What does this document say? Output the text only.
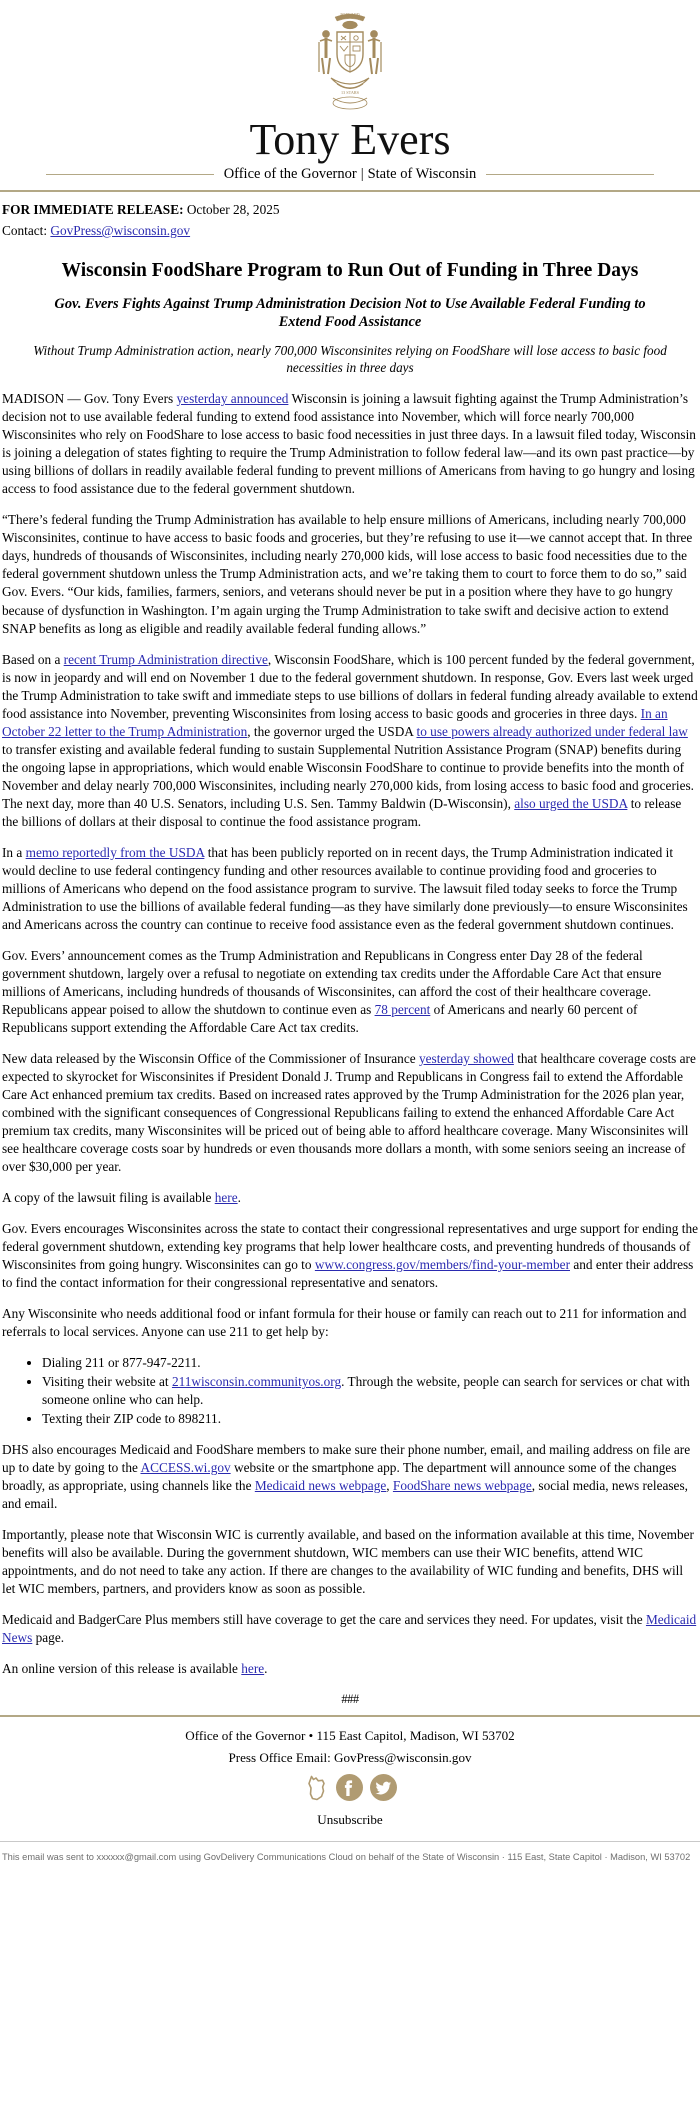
FORWARD
13 STARS
Tony Evers
Office of the Governor | State of Wisconsin

FOR IMMEDIATE RELEASE: October 28, 2025

Contact: GovPress@wisconsin.gov

Wisconsin FoodShare Program to Run Out of Funding in Three Days
Gov. Evers Fights Against Trump Administration Decision Not to Use Available Federal Funding to Extend Food Assistance

Without Trump Administration action, nearly 700,000 Wisconsinites relying on FoodShare will lose access to basic food necessities in three days

MADISON — Gov. Tony Evers yesterday announced Wisconsin is joining a lawsuit fighting against the Trump Administration’s decision not to use available federal funding to extend food assistance into November, which will force nearly 700,000 Wisconsinites who rely on FoodShare to lose access to basic food necessities in just three days. In a lawsuit filed today, Wisconsin is joining a delegation of states fighting to require the Trump Administration to follow federal law—and its own past practice—by using billions of dollars in readily available federal funding to prevent millions of Americans from having to go hungry and losing access to food assistance due to the federal government shutdown.

“There’s federal funding the Trump Administration has available to help ensure millions of Americans, including nearly 700,000 Wisconsinites, continue to have access to basic foods and groceries, but they’re refusing to use it—we cannot accept that. In three days, hundreds of thousands of Wisconsinites, including nearly 270,000 kids, will lose access to basic food necessities due to the federal government shutdown unless the Trump Administration acts, and we’re taking them to court to force them to do so,” said Gov. Evers. “Our kids, families, farmers, seniors, and veterans should never be put in a position where they have to go hungry because of dysfunction in Washington. I’m again urging the Trump Administration to take swift and decisive action to extend SNAP benefits as long as eligible and readily available federal funding allows.”

Based on a recent Trump Administration directive, Wisconsin FoodShare, which is 100 percent funded by the federal government, is now in jeopardy and will end on November 1 due to the federal government shutdown. In response, Gov. Evers last week urged the Trump Administration to take swift and immediate steps to use billions of dollars in federal funding already available to extend food assistance into November, preventing Wisconsinites from losing access to basic goods and groceries in three days. In an October 22 letter to the Trump Administration, the governor urged the USDA to use powers already authorized under federal law to transfer existing and available federal funding to sustain Supplemental Nutrition Assistance Program (SNAP) benefits during the ongoing lapse in appropriations, which would enable Wisconsin FoodShare to continue to provide benefits into the month of November and delay nearly 700,000 Wisconsinites, including nearly 270,000 kids, from losing access to basic food and groceries. The next day, more than 40 U.S. Senators, including U.S. Sen. Tammy Baldwin (D-Wisconsin), also urged the USDA to release the billions of dollars at their disposal to continue the food assistance program.

In a memo reportedly from the USDA that has been publicly reported on in recent days, the Trump Administration indicated it would decline to use federal contingency funding and other resources available to continue providing food and groceries to millions of Americans who depend on the food assistance program to survive. The lawsuit filed today seeks to force the Trump Administration to use the billions of available federal funding—as they have similarly done previously—to ensure Wisconsinites and Americans across the country can continue to receive food assistance even as the federal government shutdown continues.

Gov. Evers’ announcement comes as the Trump Administration and Republicans in Congress enter Day 28 of the federal government shutdown, largely over a refusal to negotiate on extending tax credits under the Affordable Care Act that ensure millions of Americans, including hundreds of thousands of Wisconsinites, can afford the cost of their healthcare coverage. Republicans appear poised to allow the shutdown to continue even as 78 percent of Americans and nearly 60 percent of Republicans support extending the Affordable Care Act tax credits.

New data released by the Wisconsin Office of the Commissioner of Insurance yesterday showed that healthcare coverage costs are expected to skyrocket for Wisconsinites if President Donald J. Trump and Republicans in Congress fail to extend the Affordable Care Act enhanced premium tax credits. Based on increased rates approved by the Trump Administration for the 2026 plan year, combined with the significant consequences of Congressional Republicans failing to extend the enhanced Affordable Care Act premium tax credits, many Wisconsinites will be priced out of being able to afford healthcare coverage. Many Wisconsinites will see healthcare coverage costs soar by hundreds or even thousands more dollars a month, with some seniors seeing an increase of over $30,000 per year.

A copy of the lawsuit filing is available here.

Gov. Evers encourages Wisconsinites across the state to contact their congressional representatives and urge support for ending the federal government shutdown, extending key programs that help lower healthcare costs, and preventing hundreds of thousands of Wisconsinites from going hungry. Wisconsinites can go to www.congress.gov/members/find-your-member and enter their address to find the contact information for their congressional representative and senators.

Any Wisconsinite who needs additional food or infant formula for their house or family can reach out to 211 for information and referrals to local services. Anyone can use 211 to get help by:

• Dialing 211 or 877-947-2211.
• Visiting their website at 211wisconsin.communityos.org. Through the website, people can search for services or chat with someone online who can help.
• Texting their ZIP code to 898211.

DHS also encourages Medicaid and FoodShare members to make sure their phone number, email, and mailing address on file are up to date by going to the ACCESS.wi.gov website or the smartphone app. The department will announce some of the changes broadly, as appropriate, using channels like the Medicaid news webpage, FoodShare news webpage, social media, news releases, and email.

Importantly, please note that Wisconsin WIC is currently available, and based on the information available at this time, November benefits will also be available. During the government shutdown, WIC members can use their WIC benefits, attend WIC appointments, and do not need to take any action. If there are changes to the availability of WIC funding and benefits, DHS will let WIC members, partners, and providers know as soon as possible.

Medicaid and BadgerCare Plus members still have coverage to get the care and services they need. For updates, visit the Medicaid News page.

An online version of this release is available here.

###

Office of the Governor • 115 East Capitol, Madison, WI 53702

Press Office Email: GovPress@wisconsin.gov

Unsubscribe

This email was sent to xxxxxx@gmail.com using GovDelivery Communications Cloud on behalf of the State of Wisconsin · 115 East, State Capitol · Madison, WI 53702
